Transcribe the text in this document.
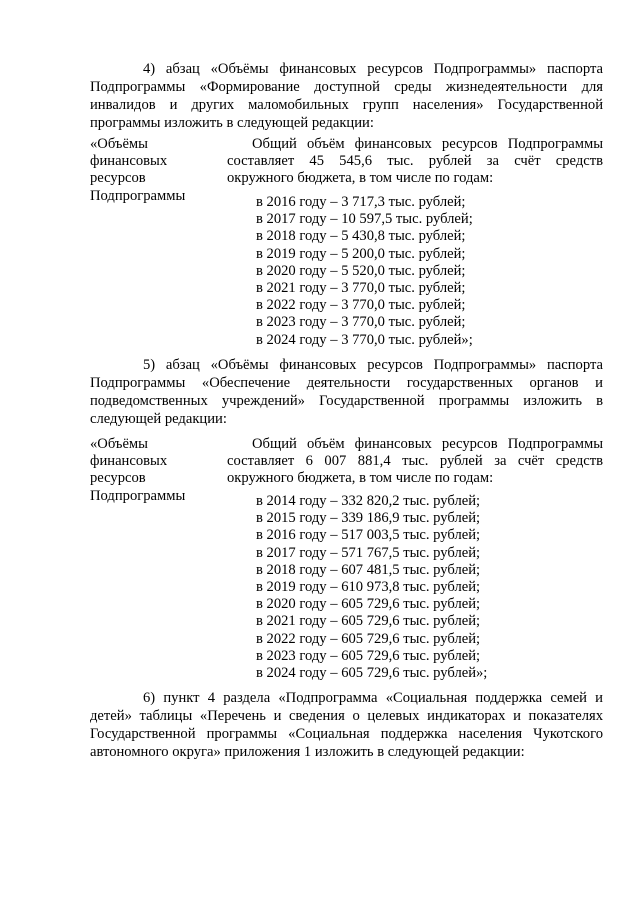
4) абзац «Объёмы финансовых ресурсов Подпрограммы» паспорта
Подпрограммы «Формирование доступной среды жизнедеятельности для
инвалидов и других маломобильных групп населения» Государственной
программы изложить в следующей редакции:
«Объёмы
финансовых
ресурсов
Подпрограммы
Общий объём финансовых ресурсов Подпрограммы
составляет 45 545,6 тыс. рублей за счёт средств
окружного бюджета, в том числе по годам:
в 2016 году – 3 717,3 тыс. рублей;
в 2017 году – 10 597,5 тыс. рублей;
в 2018 году – 5 430,8 тыс. рублей;
в 2019 году – 5 200,0 тыс. рублей;
в 2020 году – 5 520,0 тыс. рублей;
в 2021 году – 3 770,0 тыс. рублей;
в 2022 году – 3 770,0 тыс. рублей;
в 2023 году – 3 770,0 тыс. рублей;
в 2024 году – 3 770,0 тыс. рублей»;
5) абзац «Объёмы финансовых ресурсов Подпрограммы» паспорта
Подпрограммы «Обеспечение деятельности государственных органов и
подведомственных учреждений» Государственной программы изложить в
следующей редакции:
«Объёмы
финансовых
ресурсов
Подпрограммы
Общий объём финансовых ресурсов Подпрограммы
составляет 6 007 881,4 тыс. рублей за счёт средств
окружного бюджета, в том числе по годам:
в 2014 году – 332 820,2 тыс. рублей;
в 2015 году – 339 186,9 тыс. рублей;
в 2016 году – 517 003,5 тыс. рублей;
в 2017 году – 571 767,5 тыс. рублей;
в 2018 году – 607 481,5 тыс. рублей;
в 2019 году – 610 973,8 тыс. рублей;
в 2020 году – 605 729,6 тыс. рублей;
в 2021 году – 605 729,6 тыс. рублей;
в 2022 году – 605 729,6 тыс. рублей;
в 2023 году – 605 729,6 тыс. рублей;
в 2024 году – 605 729,6 тыс. рублей»;
6) пункт 4 раздела «Подпрограмма «Социальная поддержка семей и
детей» таблицы «Перечень и сведения о целевых индикаторах и показателях
Государственной программы «Социальная поддержка населения Чукотского
автономного округа» приложения 1 изложить в следующей редакции:
